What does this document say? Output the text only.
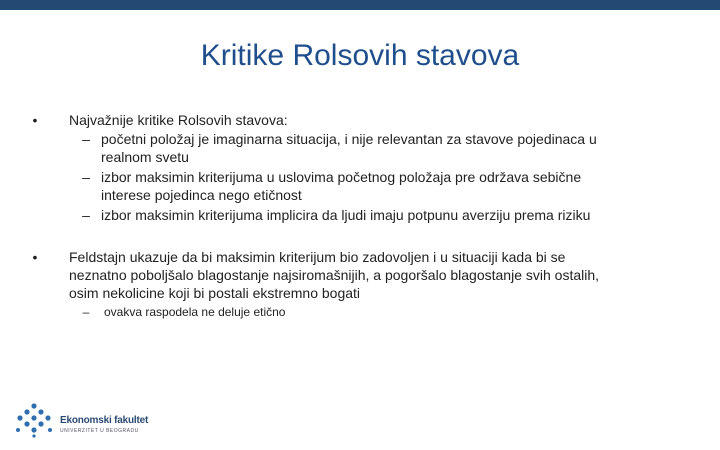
Kritike Rolsovih stavova
• Najvažnije kritike Rolsovih stavova:
– početni položaj je imaginarna situacija, i nije relevantan za stavove pojedinaca u
realnom svetu
– izbor maksimin kriterijuma u uslovima početnog položaja pre održava sebične
interese pojedinca nego etičnost
– izbor maksimin kriterijuma implicira da ljudi imaju potpunu averziju prema riziku
• Feldstajn ukazuje da bi maksimin kriterijum bio zadovoljen i u situaciji kada bi se
neznatno poboljšalo blagostanje najsiromašnijih, a pogoršalo blagostanje svih ostalih,
osim nekolicine koji bi postali ekstremno bogati
– ovakva raspodela ne deluje etično
Ekonomski fakultet
UNIVERZITET U BEOGRADU
